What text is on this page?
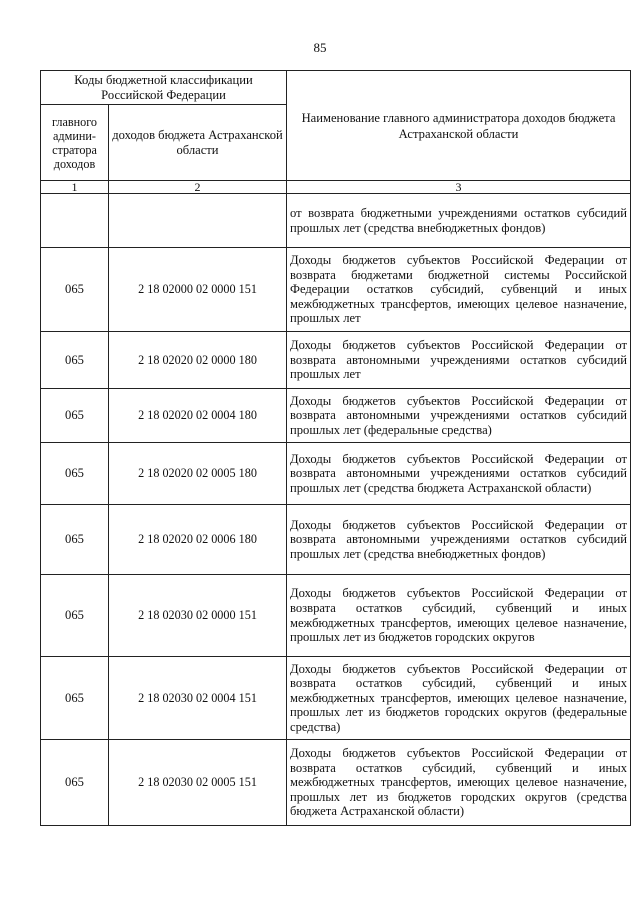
85
Коды бюджетной классификации Российской Федерации		Наименование главного администратора доходов бюджета Астраханской области
главного админи-стратора доходов	доходов бюджета Астраханской области	
1	2	3
		от возврата бюджетными учреждениями остатков субсидий прошлых лет (средства внебюджетных фондов)
065	2 18 02000 02 0000 151	Доходы бюджетов субъектов Российской Федерации от возврата бюджетами бюджетной системы Российской Федерации остатков субсидий, субвенций и иных межбюджетных трансфертов, имеющих целевое назначение, прошлых лет
065	2 18 02020 02 0000 180	Доходы бюджетов субъектов Российской Федерации от возврата автономными учреждениями остатков субсидий прошлых лет
065	2 18 02020 02 0004 180	Доходы бюджетов субъектов Российской Федерации от возврата автономными учреждениями остатков субсидий прошлых лет (федеральные средства)
065	2 18 02020 02 0005 180	Доходы бюджетов субъектов Российской Федерации от возврата автономными учреждениями остатков субсидий прошлых лет (средства бюджета Астраханской области)
065	2 18 02020 02 0006 180	Доходы бюджетов субъектов Российской Федерации от возврата автономными учреждениями остатков субсидий прошлых лет (средства внебюджетных фондов)
065	2 18 02030 02 0000 151	Доходы бюджетов субъектов Российской Федерации от возврата остатков субсидий, субвенций и иных межбюджетных трансфертов, имеющих целевое назначение, прошлых лет из бюджетов городских округов
065	2 18 02030 02 0004 151	Доходы бюджетов субъектов Российской Федерации от возврата остатков субсидий, субвенций и иных межбюджетных трансфертов, имеющих целевое назначение, прошлых лет из бюджетов городских округов (федеральные средства)
065	2 18 02030 02 0005 151	Доходы бюджетов субъектов Российской Федерации от возврата остатков субсидий, субвенций и иных межбюджетных трансфертов, имеющих целевое назначение, прошлых лет из бюджетов городских округов (средства бюджета Астраханской области)
